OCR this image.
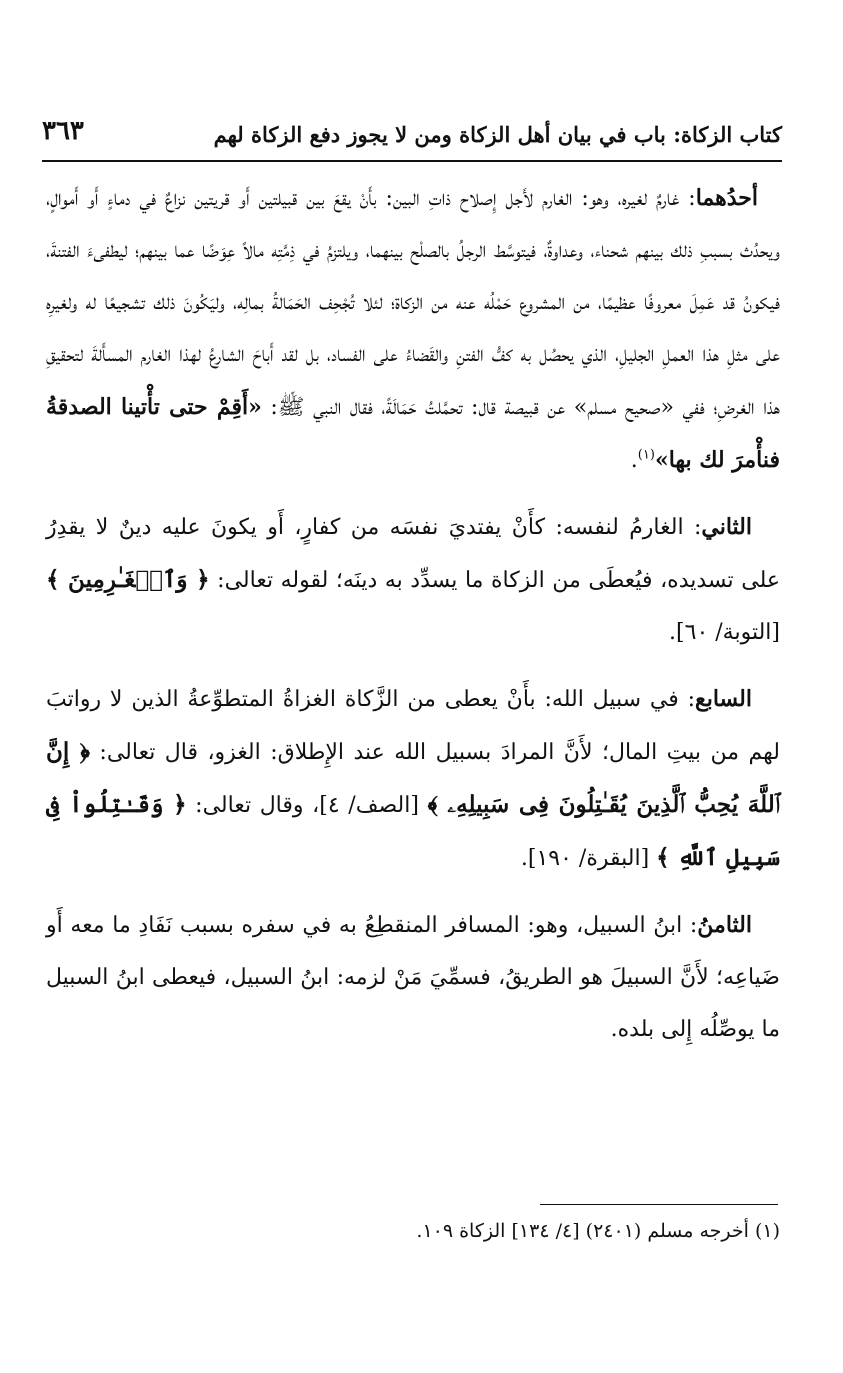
كتاب الزكاة: باب في بيان أهل الزكاة ومن لا يجوز دفع الزكاة لهم
٣٦٣

أحدُهما: غارمٌ لغيره، وهو: الغارم لأَجل إِصلاح ذاتِ البين: بأَنْ يقعَ بين قبيلتين أَو قريتين نزاعٌ في دماءٍ أَو أَموالٍ، ويحدُث بسببِ ذلك بينهم شحناء، وعداوةٌ، فيتوسَّط الرجلُ بالصلْح بينهما، ويلتزمُ في ذِمَّتِه مالاً عِوَضًا عما بينهم؛ ليطفىءَ الفتنةَ، فيكونُ قد عَمِلَ معروفًا عظيمًا، من المشروع حَمْلُه عنه من الزكاة؛ لئلا تُجْحِف الحَمَالةُ بمالِه، وليَكُونَ ذلك تشجيعًا له ولغيرِه على مثلِ هذا العملِ الجليلِ، الذي يحصُل به كفُّ الفتنِ والقَضاءُ على الفساد، بل لقد أَباحَ الشارعُ لهذا الغارم المسأَلةَ لتحقيقِ هذا الغرضِ؛ ففي «صحيح مسلم» عن قبيصة قال: تحمَّلتُ حَمَالَةً، فقال النبي ﷺ: «أَقِمْ حتى تأْتينا الصدقةُ فنأْمرَ لك بها»$^{(١)}$.

الثاني: الغارمُ لنفسه: كأَنْ يفتديَ نفسَه من كفارٍ، أَو يكونَ عليه دينٌ لا يقدِرُ على تسديده، فيُعطَى من الزكاة ما يسدِّد به دينَه؛ لقوله تعالى: ﴿ وَٱلۡغَـٰرِمِينَ ﴾ [التوبة/ ٦٠].

السابع: في سبيل الله: بأَنْ يعطى من الزَّكاة الغزاةُ المتطوِّعةُ الذين لا رواتبَ لهم من بيتِ المال؛ لأَنَّ المرادَ بسبيل الله عند الإِطلاق: الغزو، قال تعالى: ﴿ إِنَّ ٱللَّهَ يُحِبُّ ٱلَّذِينَ يُقَـٰتِلُونَ فِى سَبِيلِهِۦ ﴾ [الصف/ ٤]، وقال تعالى: ﴿ وَقَـٰتِلُواْ فِى سَبِيلِ ٱللَّهِ ﴾ [البقرة/ ١٩٠].

الثامنُ: ابنُ السبيل، وهو: المسافر المنقطِعُ به في سفره بسبب نَفَادِ ما معه أَو ضَياعِه؛ لأَنَّ السبيلَ هو الطريقُ، فسمِّيَ مَنْ لزمه: ابنُ السبيل، فيعطى ابنُ السبيل ما يوصِّلُه إِلى بلده.

(١) أخرجه مسلم (٢٤٠١) [٤/ ١٣٤] الزكاة ١٠٩.
